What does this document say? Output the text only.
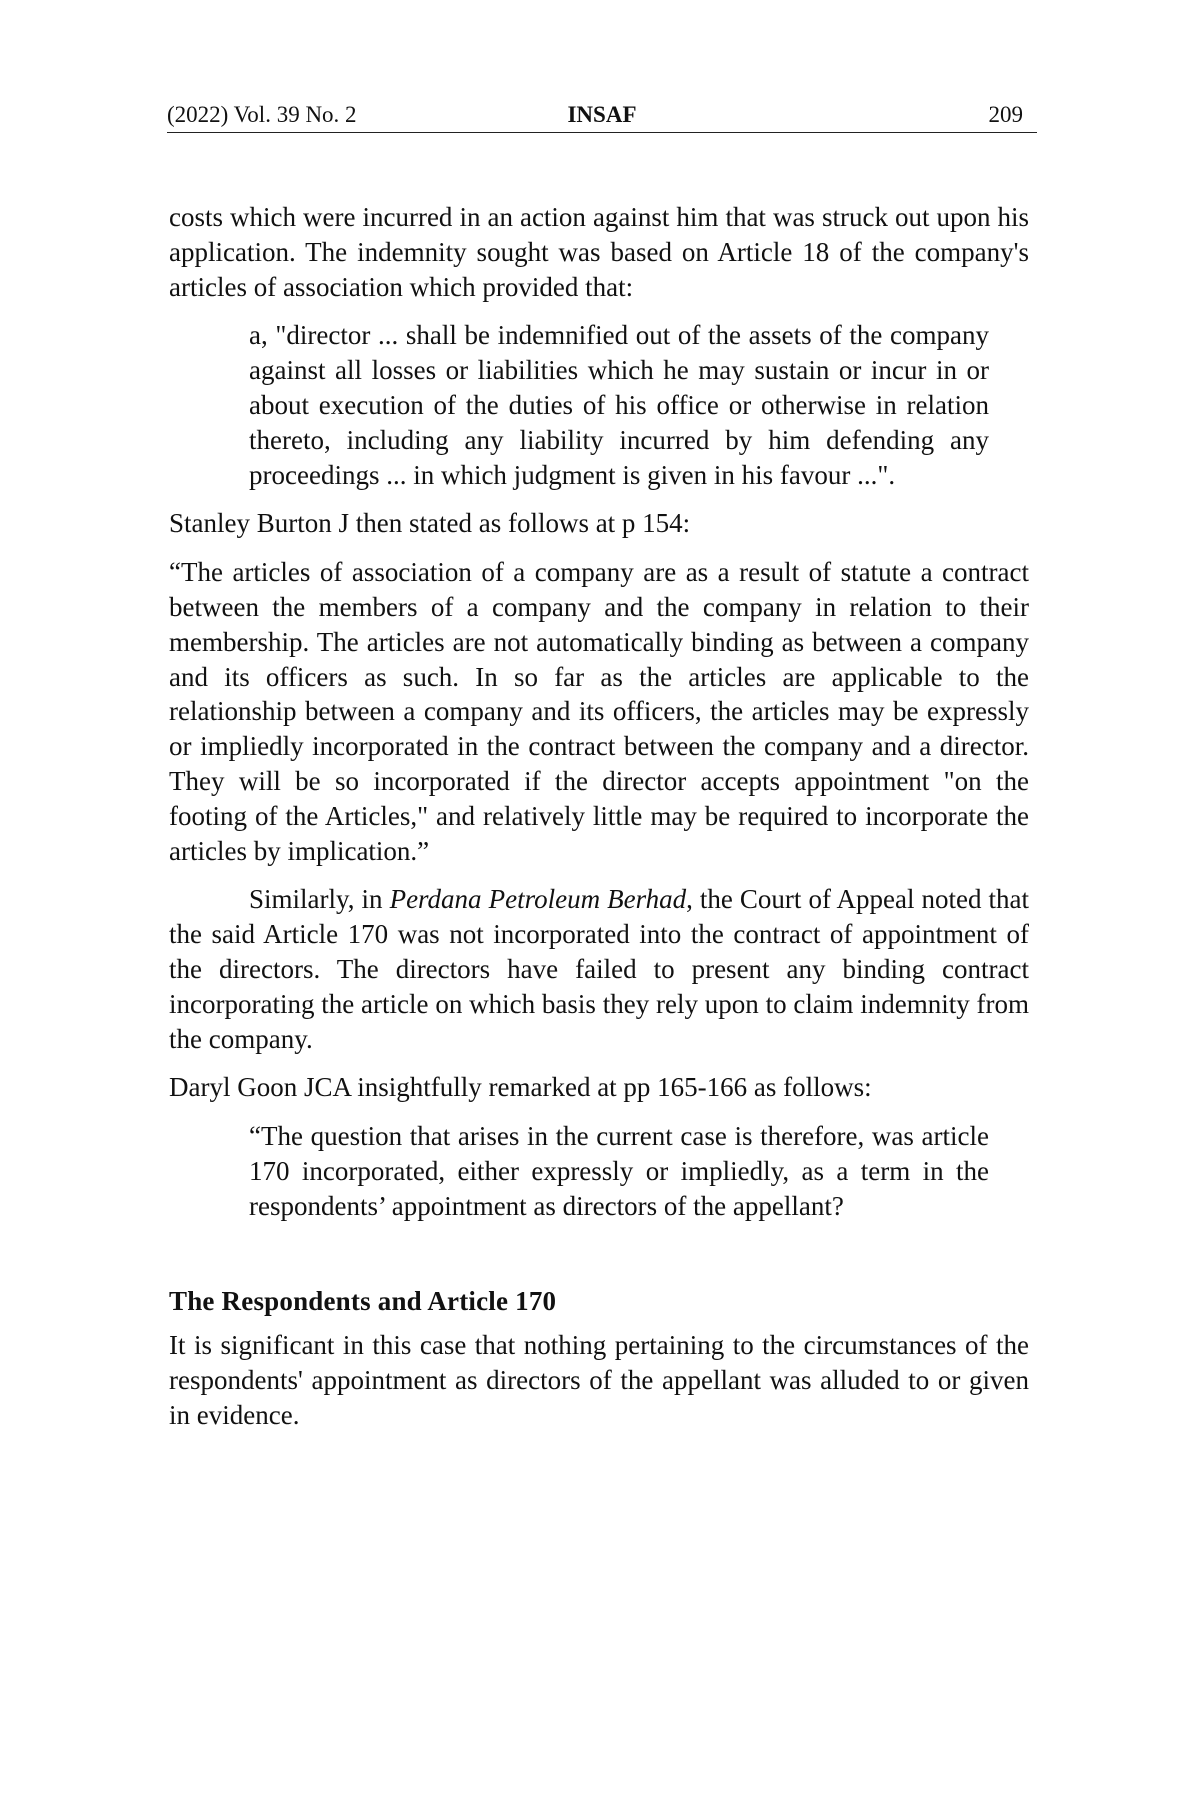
(2022) Vol. 39 No. 2	INSAF	209

costs which were incurred in an action against him that was struck out upon his application. The indemnity sought was based on Article 18 of the company's articles of association which provided that:

a, "director ... shall be indemnified out of the assets of the company against all losses or liabilities which he may sustain or incur in or about execution of the duties of his office or otherwise in relation thereto, including any liability incurred by him defending any proceedings ... in which judgment is given in his favour ...".

Stanley Burton J then stated as follows at p 154:

“The articles of association of a company are as a result of statute a contract between the members of a company and the company in relation to their membership. The articles are not automatically binding as between a company and its officers as such. In so far as the articles are applicable to the relationship between a company and its officers, the articles may be expressly or impliedly incorporated in the contract between the company and a director. They will be so incorporated if the director accepts appointment "on the footing of the Articles," and relatively little may be required to incorporate the articles by implication.”

Similarly, in Perdana Petroleum Berhad, the Court of Appeal noted that the said Article 170 was not incorporated into the contract of appointment of the directors. The directors have failed to present any binding contract incorporating the article on which basis they rely upon to claim indemnity from the company.

Daryl Goon JCA insightfully remarked at pp 165-166 as follows:

“The question that arises in the current case is therefore, was article 170 incorporated, either expressly or impliedly, as a term in the respondents’ appointment as directors of the appellant?

The Respondents and Article 170

It is significant in this case that nothing pertaining to the circumstances of the respondents' appointment as directors of the appellant was alluded to or given in evidence.
